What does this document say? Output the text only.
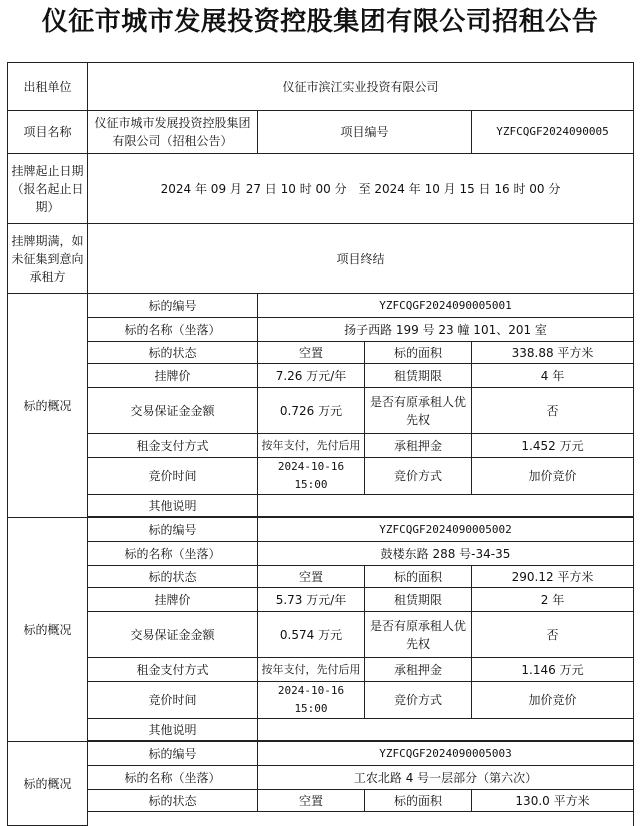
仪征市城市发展投资控股集团有限公司招租公告
出租单位	仪征市滨江实业投资有限公司			
项目名称	仪征市城市发展投资控股集团有限公司（招租公告）	项目编号		YZFCQGF2024090005
挂牌起止日期（报名起止日期）	2024 年 09 月 27 日 10 时 00 分　至 2024 年 10 月 15 日 16 时 00 分			
挂牌期满，如未征集到意向承租方	项目终结			
标的概况	标的编号	YZFCQGF2024090005001		
	标的名称（坐落）	扬子西路 199 号 23 幢 101、201 室		
	标的状态	空置	标的面积	338.88 平方米
	挂牌价	7.26 万元/年	租赁期限	4 年
	交易保证金金额	0.726 万元	是否有原承租人优先权	否
	租金支付方式	按年支付，先付后用	承租押金	1.452 万元
	竞价时间	2024-10-16 15:00	竞价方式	加价竞价
	其他说明			

标的概况	标的编号	YZFCQGF2024090005002		
	标的名称（坐落）	鼓楼东路 288 号-34-35		
	标的状态	空置	标的面积	290.12 平方米
	挂牌价	5.73 万元/年	租赁期限	2 年
	交易保证金金额	0.574 万元	是否有原承租人优先权	否
	租金支付方式	按年支付，先付后用	承租押金	1.146 万元
	竞价时间	2024-10-16 15:00	竞价方式	加价竞价
	其他说明			

标的概况	标的编号	YZFCQGF2024090005003		
	标的名称（坐落）	工农北路 4 号一层部分（第六次）		
	标的状态	空置	标的面积	130.0 平方米
